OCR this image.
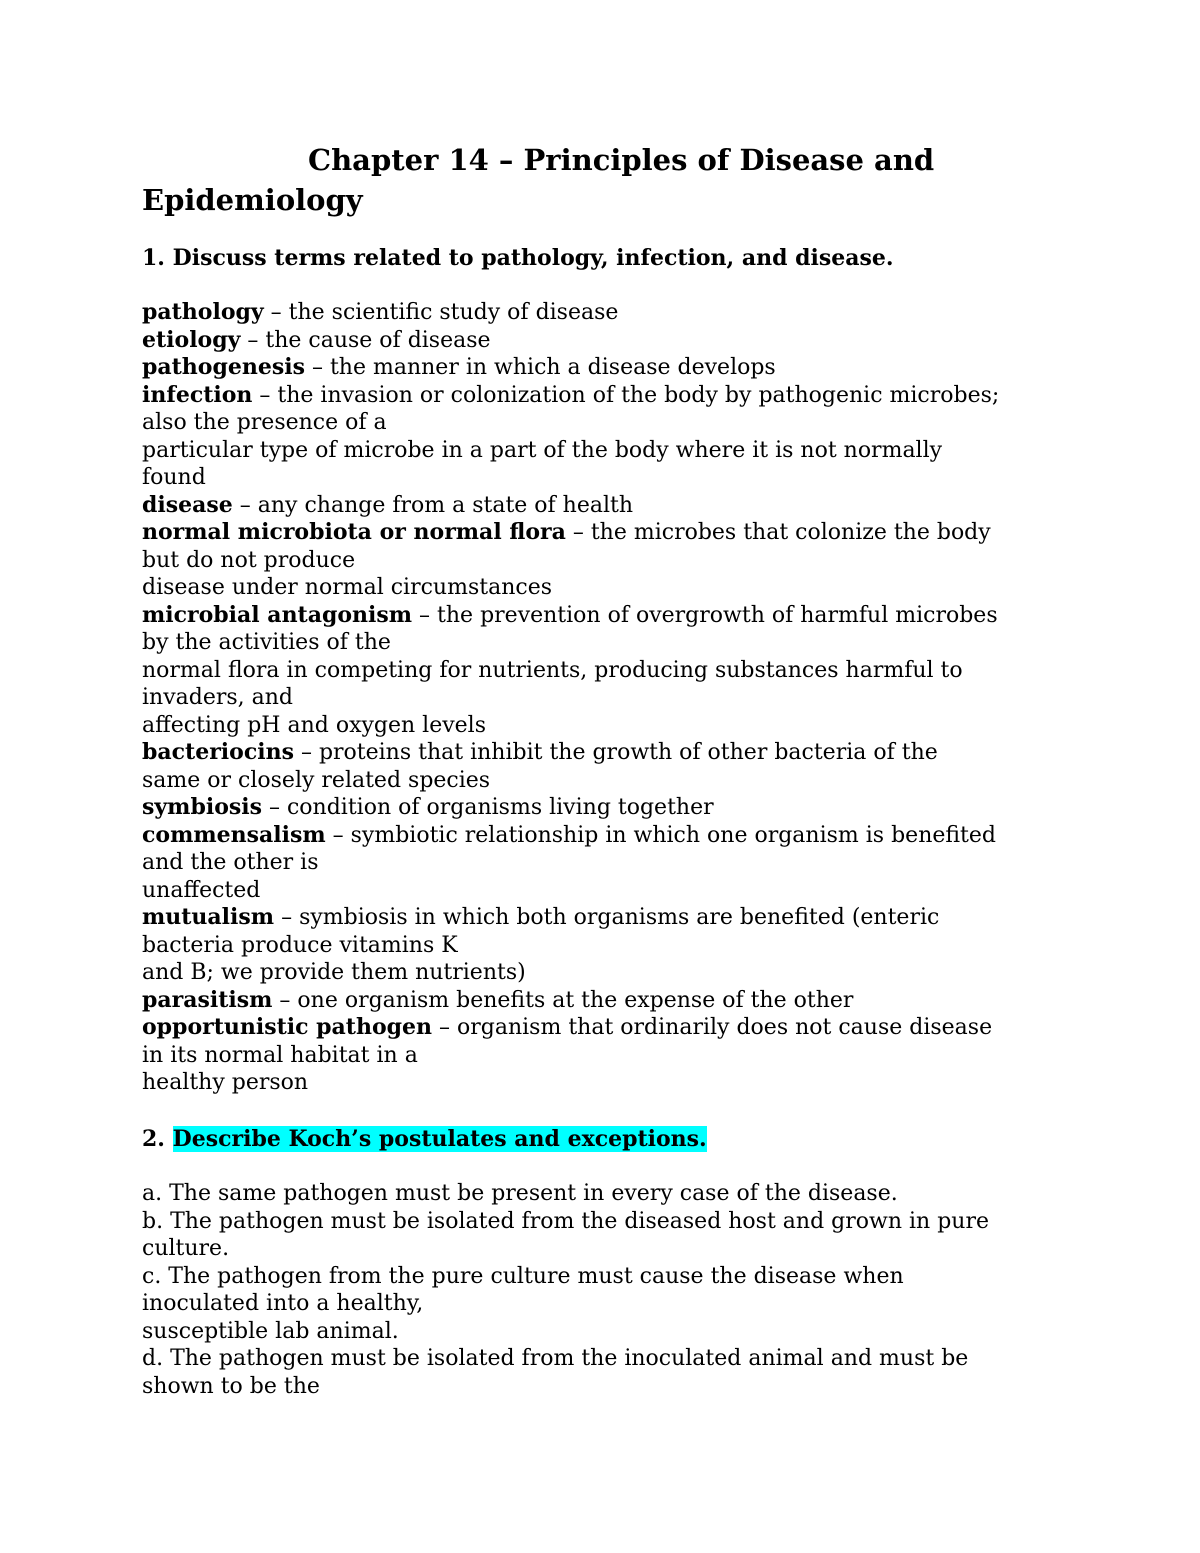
Chapter 14 – Principles of Disease and
Epidemiology

1. Discuss terms related to pathology, infection, and disease.

pathology – the scientific study of disease
etiology – the cause of disease
pathogenesis – the manner in which a disease develops
infection – the invasion or colonization of the body by pathogenic microbes;
also the presence of a
particular type of microbe in a part of the body where it is not normally
found
disease – any change from a state of health
normal microbiota or normal flora – the microbes that colonize the body
but do not produce
disease under normal circumstances
microbial antagonism – the prevention of overgrowth of harmful microbes
by the activities of the
normal flora in competing for nutrients, producing substances harmful to
invaders, and
affecting pH and oxygen levels
bacteriocins – proteins that inhibit the growth of other bacteria of the
same or closely related species
symbiosis – condition of organisms living together
commensalism – symbiotic relationship in which one organism is benefited
and the other is
unaffected
mutualism – symbiosis in which both organisms are benefited (enteric
bacteria produce vitamins K
and B; we provide them nutrients)
parasitism – one organism benefits at the expense of the other
opportunistic pathogen – organism that ordinarily does not cause disease
in its normal habitat in a
healthy person

2. Describe Koch’s postulates and exceptions.

a. The same pathogen must be present in every case of the disease.
b. The pathogen must be isolated from the diseased host and grown in pure
culture.
c. The pathogen from the pure culture must cause the disease when
inoculated into a healthy,
susceptible lab animal.
d. The pathogen must be isolated from the inoculated animal and must be
shown to be the
